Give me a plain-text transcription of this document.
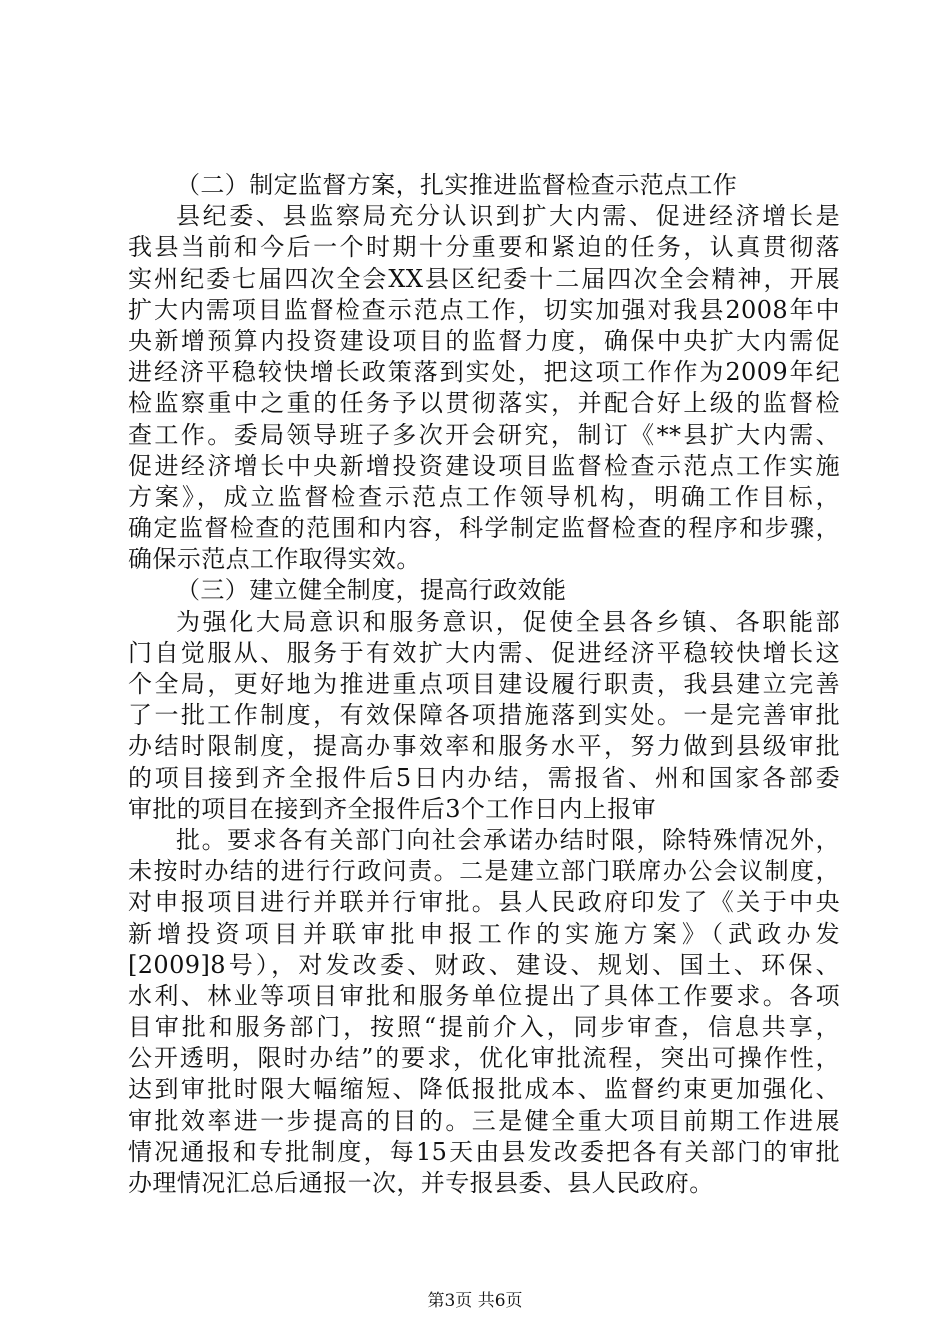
（二）制定监督方案，扎实推进监督检查示范点工作
县纪委、县监察局充分认识到扩大内需、促进经济增长是
我县当前和今后一个时期十分重要和紧迫的任务，认真贯彻落
实州纪委七届四次全会XX县区纪委十二届四次全会精神，开展
扩大内需项目监督检查示范点工作，切实加强对我县2008年中
央新增预算内投资建设项目的监督力度，确保中央扩大内需促
进经济平稳较快增长政策落到实处，把这项工作作为2009年纪
检监察重中之重的任务予以贯彻落实，并配合好上级的监督检
查工作。委局领导班子多次开会研究，制订《**县扩大内需、
促进经济增长中央新增投资建设项目监督检查示范点工作实施
方案》，成立监督检查示范点工作领导机构，明确工作目标，
确定监督检查的范围和内容，科学制定监督检查的程序和步骤，
确保示范点工作取得实效。
（三）建立健全制度，提高行政效能
为强化大局意识和服务意识，促使全县各乡镇、各职能部
门自觉服从、服务于有效扩大内需、促进经济平稳较快增长这
个全局，更好地为推进重点项目建设履行职责，我县建立完善
了一批工作制度，有效保障各项措施落到实处。一是完善审批
办结时限制度，提高办事效率和服务水平，努力做到县级审批
的项目接到齐全报件后5日内办结，需报省、州和国家各部委
审批的项目在接到齐全报件后3个工作日内上报审
批。要求各有关部门向社会承诺办结时限，除特殊情况外，
未按时办结的进行行政问责。二是建立部门联席办公会议制度，
对申报项目进行并联并行审批。县人民政府印发了《关于中央
新增投资项目并联审批申报工作的实施方案》（武政办发
[2009]8号），对发改委、财政、建设、规划、国土、环保、
水利、林业等项目审批和服务单位提出了具体工作要求。各项
目审批和服务部门，按照“提前介入，同步审查，信息共享，
公开透明，限时办结”的要求，优化审批流程，突出可操作性，
达到审批时限大幅缩短、降低报批成本、监督约束更加强化、
审批效率进一步提高的目的。三是健全重大项目前期工作进展
情况通报和专批制度，每15天由县发改委把各有关部门的审批
办理情况汇总后通报一次，并专报县委、县人民政府。
第3页 共6页
